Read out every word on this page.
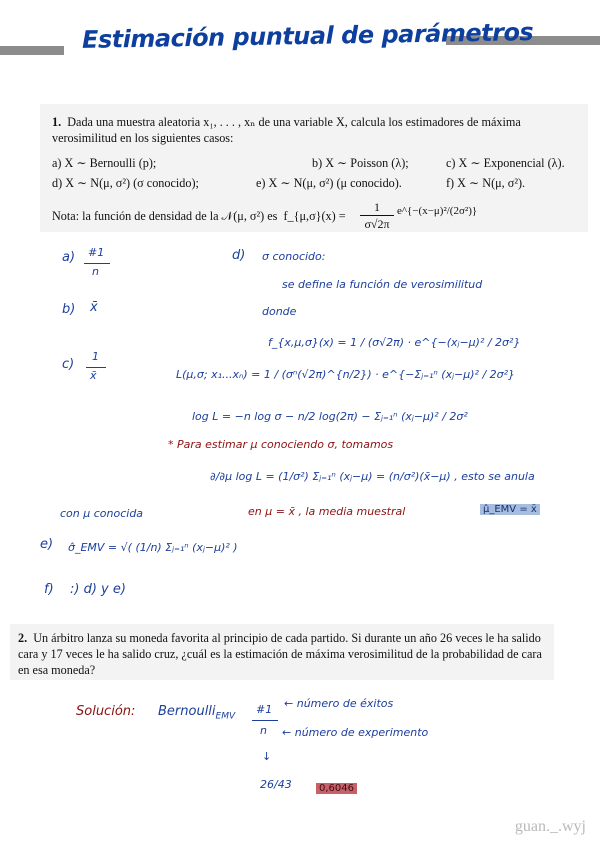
Estimación puntual de parámetros
1. Dada una muestra aleatoria x₁, . . . , xₙ de una variable X, calcula los estimadores de máxima verosimilitud en los siguientes casos:
a) X ∼ Bernoulli (p);	b) X ∼ Poisson (λ);	c) X ∼ Exponencial (λ).
d) X ∼ N(μ, σ²) (σ conocido);	e) X ∼ N(μ, σ²) (μ conocido).	f) X ∼ N(μ, σ²).
Nota: la función de densidad de la 𝒩(μ, σ²) es f_{μ,σ}(x) =
1
σ√2π
e^{−(x−μ)²/(2σ²)}
a) #1
n
b) x̄
c)
1
x̄
d) σ conocido:
se define la función de verosimilitud
donde
f_{x,μ,σ}(x) = 1 / (σ√2π) · e^{−(xⱼ−μ)² / 2σ²}
L(μ,σ; x₁...xₙ) = 1 / (σⁿ(√2π)^{n/2}) · e^{−Σⱼ₌₁ⁿ (xⱼ−μ)² / 2σ²}
log L = −n log σ − n/2 log(2π) − Σⱼ₌₁ⁿ (xⱼ−μ)² / 2σ²
* Para estimar μ conociendo σ, tomamos
∂/∂μ log L = (1/σ²) Σⱼ₌₁ⁿ (xⱼ−μ) = (n/σ²)(x̄−μ) , esto se anula
en μ = x̄ , la media muestral	μ̂_EMV = x̄
con μ conocida
e) σ̂_EMV = √( (1/n) Σⱼ₌₁ⁿ (xⱼ−μ)² )
f) :) d) y e)
2. Un árbitro lanza su moneda favorita al principio de cada partido. Si durante un año 26 veces le ha salido cara y 17 veces le ha salido cruz, ¿cuál es la estimación de máxima verosimilitud de la probabilidad de cara en esa moneda?
Solución: Bernoulli$_{EMV}$
#1
n
← número de éxitos
← número de experimento
↓
26/43	0,6046
guan._.wyj
